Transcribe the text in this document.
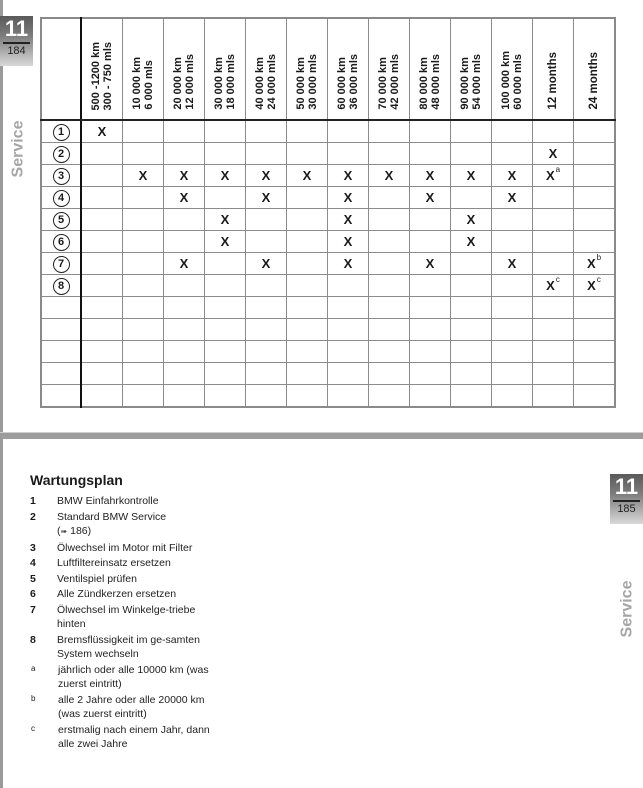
11
184
Service

	500 -1200 km 300 - 750 mls	10 000 km 6 000 mls	20 000 km 12 000 mls	30 000 km 18 000 mls	40 000 km 24 000 mls	50 000 km 30 000 mls	60 000 km 36 000 mls	70 000 km 42 000 mls	80 000 km 48 000 mls	90 000 km 54 000 mls	100 000 km 60 000 mls	12 months	24 months

1	X												
2												X	
3		X	X	X	X	X	X	X	X	X	X	$X^a$	
4			X		X		X		X		X		
5				X			X			X			
6				X			X			X			
7			X		X		X		X		X		$X^b$
8												$X^c$	$X^c$

Wartungsplan
1	BMW Einfahrkontrolle
2	Standard BMW Service
(➠ 186)
3	Ölwechsel im Motor mit Filter
4	Luftfiltereinsatz ersetzen
5	Ventilspiel prüfen
6	Alle Zündkerzen ersetzen
7	Ölwechsel im Winkelge-triebe hinten
8	Bremsflüssigkeit im ge-samten System wechseln
a	jährlich oder alle 10000 km (was zuerst eintritt)
b	alle 2 Jahre oder alle 20000 km (was zuerst eintritt)
c	erstmalig nach einem Jahr, dann alle zwei Jahre
11
185
Service
